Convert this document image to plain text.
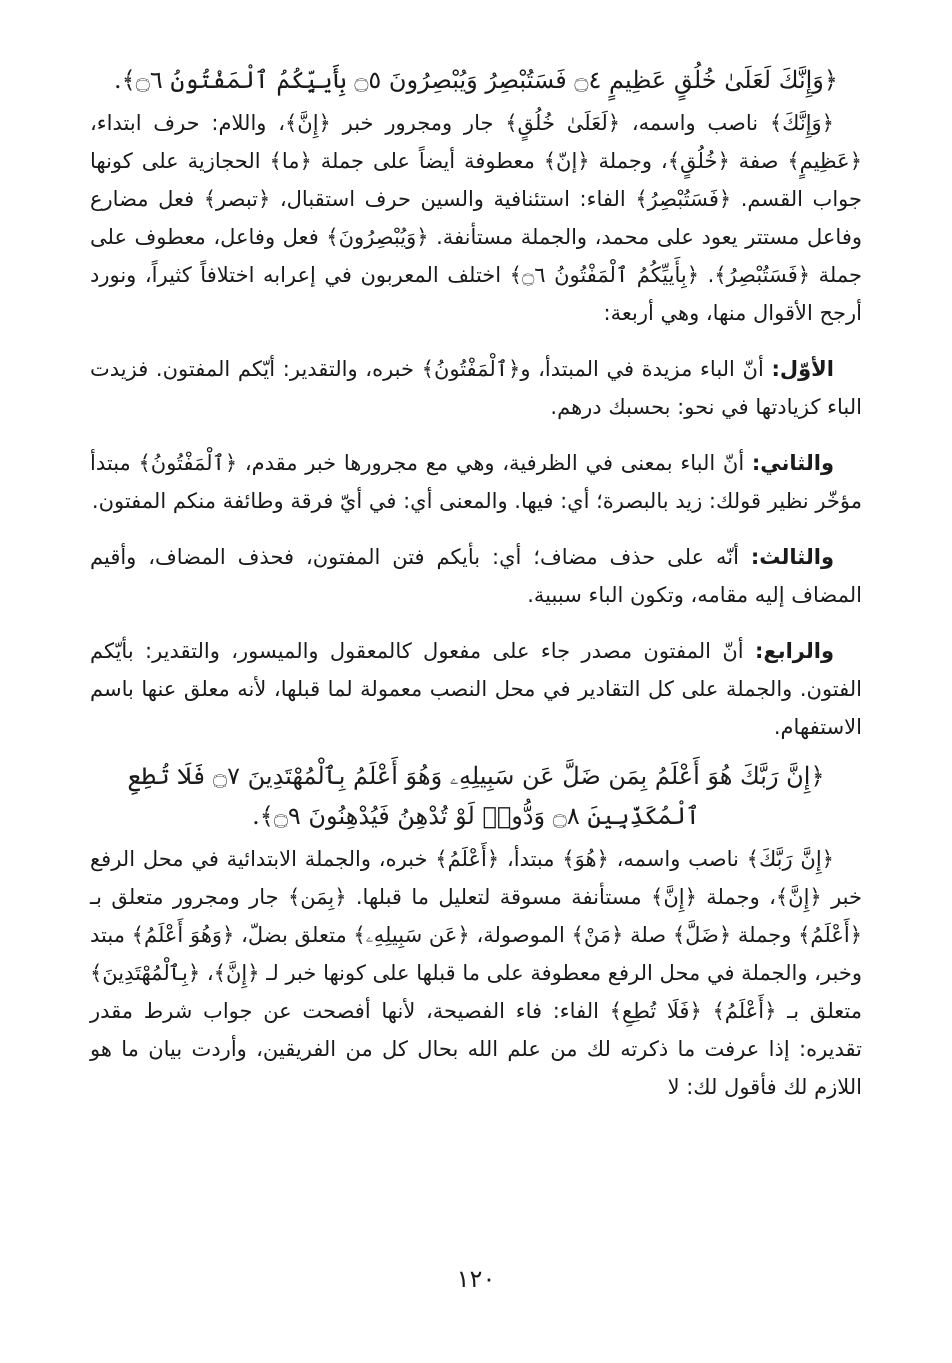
﴿وَإِنَّكَ لَعَلَىٰ خُلُقٍ عَظِيمٍ ۝٤ فَسَتُبْصِرُ وَيُبْصِرُونَ ۝٥ بِأَييِّكُمُ ٱلْمَفْتُونُ ۝٦﴾.

﴿وَإِنَّكَ﴾ ناصب واسمه، ﴿لَعَلَىٰ خُلُقٍ﴾ جار ومجرور خبر ﴿إِنَّ﴾، واللام: حرف ابتداء، ﴿عَظِيمٍ﴾ صفة ﴿خُلُقٍ﴾، وجملة ﴿إنّ﴾ معطوفة أيضاً على جملة ﴿ما﴾ الحجازية على كونها جواب القسم. ﴿فَسَتُبْصِرُ﴾ الفاء: استئنافية والسين حرف استقبال، ﴿تبصر﴾ فعل مضارع وفاعل مستتر يعود على محمد، والجملة مستأنفة. ﴿وَيُبْصِرُونَ﴾ فعل وفاعل، معطوف على جملة ﴿فَسَتُبْصِرُ﴾. ﴿بِأَييِّكُمُ ٱلْمَفْتُونُ ۝٦﴾ اختلف المعربون في إعرابه اختلافاً كثيراً، ونورد أرجح الأقوال منها، وهي أربعة:

الأوّل: أنّ الباء مزيدة في المبتدأ، و﴿ٱلْمَفْتُونُ﴾ خبره، والتقدير: أيّكم المفتون. فزيدت الباء كزيادتها في نحو: بحسبك درهم.

والثاني: أنّ الباء بمعنى في الظرفية، وهي مع مجرورها خبر مقدم، ﴿ٱلْمَفْتُونُ﴾ مبتدأ مؤخّر نظير قولك: زيد بالبصرة؛ أي: فيها. والمعنى أي: في أيّ فرقة وطائفة منكم المفتون.

والثالث: أنّه على حذف مضاف؛ أي: بأيكم فتن المفتون، فحذف المضاف، وأقيم المضاف إليه مقامه، وتكون الباء سببية.

والرابع: أنّ المفتون مصدر جاء على مفعول كالمعقول والميسور، والتقدير: بأيّكم الفتون. والجملة على كل التقادير في محل النصب معمولة لما قبلها، لأنه معلق عنها باسم الاستفهام.

﴿إِنَّ رَبَّكَ هُوَ أَعْلَمُ بِمَن ضَلَّ عَن سَبِيلِهِۦ وَهُوَ أَعْلَمُ بِٱلْمُهْتَدِينَ ۝٧ فَلَا تُطِعِ ٱلْمُكَذِّبِينَ ۝٨ وَدُّوا۟ لَوْ تُدْهِنُ فَيُدْهِنُونَ ۝٩﴾.

﴿إِنَّ رَبَّكَ﴾ ناصب واسمه، ﴿هُوَ﴾ مبتدأ، ﴿أَعْلَمُ﴾ خبره، والجملة الابتدائية في محل الرفع خبر ﴿إِنَّ﴾، وجملة ﴿إِنَّ﴾ مستأنفة مسوقة لتعليل ما قبلها. ﴿بِمَن﴾ جار ومجرور متعلق بـ ﴿أَعْلَمُ﴾ وجملة ﴿ضَلَّ﴾ صلة ﴿مَنْ﴾ الموصولة، ﴿عَن سَبِيلِهِۦ﴾ متعلق بضلّ، ﴿وَهُوَ أَعْلَمُ﴾ مبتد وخبر، والجملة في محل الرفع معطوفة على ما قبلها على كونها خبر لـ ﴿إِنَّ﴾، ﴿بِٱلْمُهْتَدِينَ﴾ متعلق بـ ﴿أَعْلَمُ﴾ ﴿فَلَا تُطِعِ﴾ الفاء: فاء الفصيحة، لأنها أفصحت عن جواب شرط مقدر تقديره: إذا عرفت ما ذكرته لك من علم الله بحال كل من الفريقين، وأردت بيان ما هو اللازم لك فأقول لك: لا

١٢٠
